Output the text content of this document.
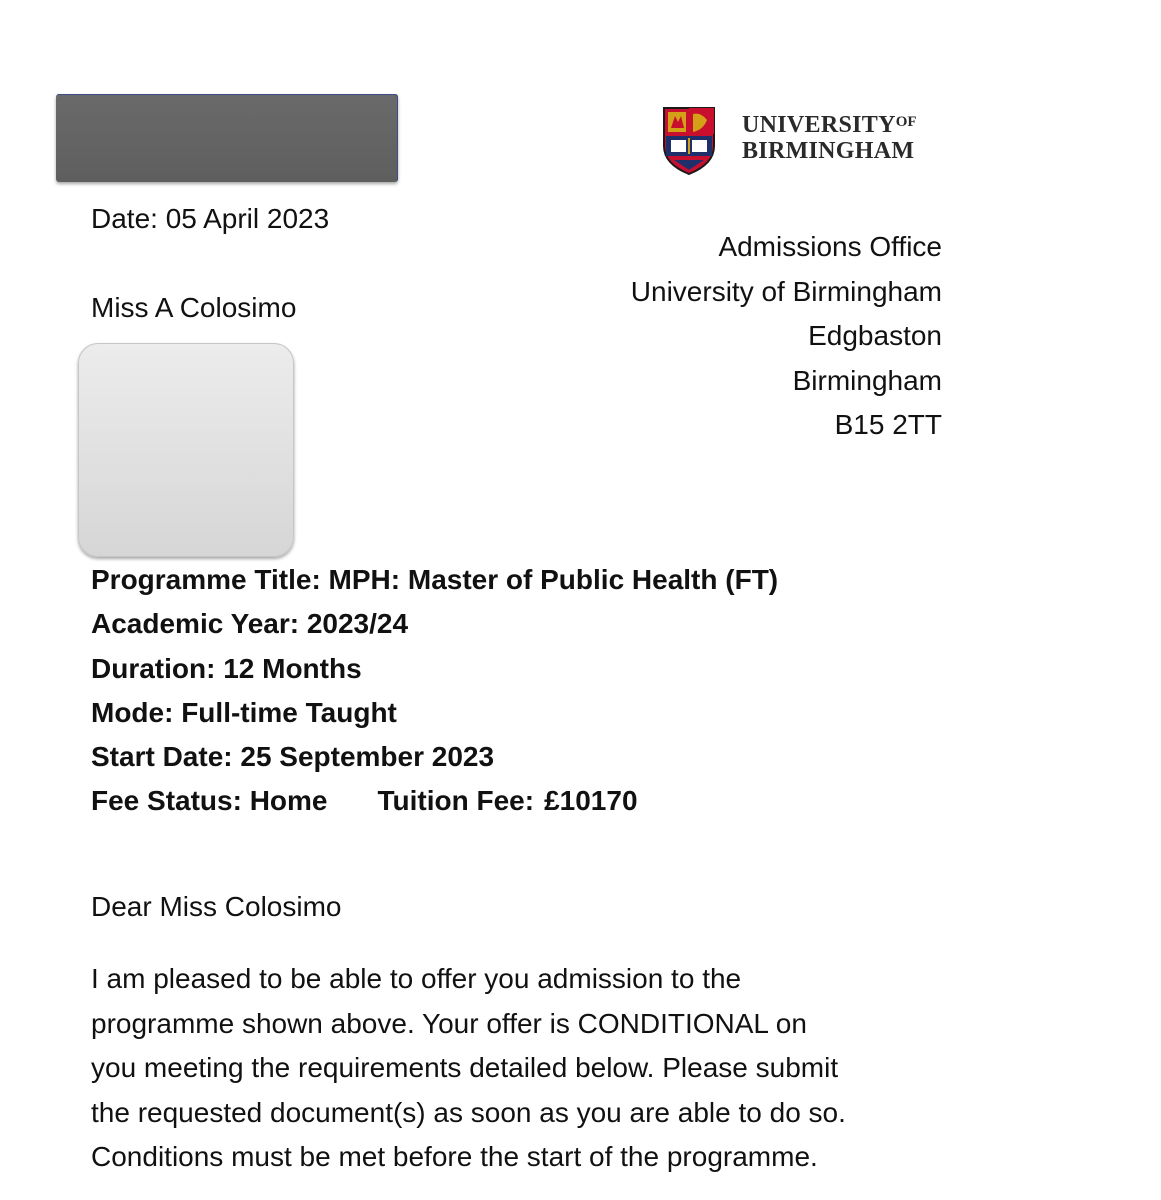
$UNIVERSITY^{OF}$
BIRMINGHAM
Date: 05 April 2023
Miss A Colosimo
Admissions Office
University of Birmingham
Edgbaston
Birmingham
B15 2TT
Programme Title: MPH: Master of Public Health (FT)
Academic Year: 2023/24
Duration: 12 Months
Mode: Full-time Taught
Start Date: 25 September 2023
Fee Status: Home Tuition Fee: £10170
Dear Miss Colosimo
I am pleased to be able to offer you admission to the
programme shown above. Your offer is CONDITIONAL on
you meeting the requirements detailed below. Please submit
the requested document(s) as soon as you are able to do so.
Conditions must be met before the start of the programme.
